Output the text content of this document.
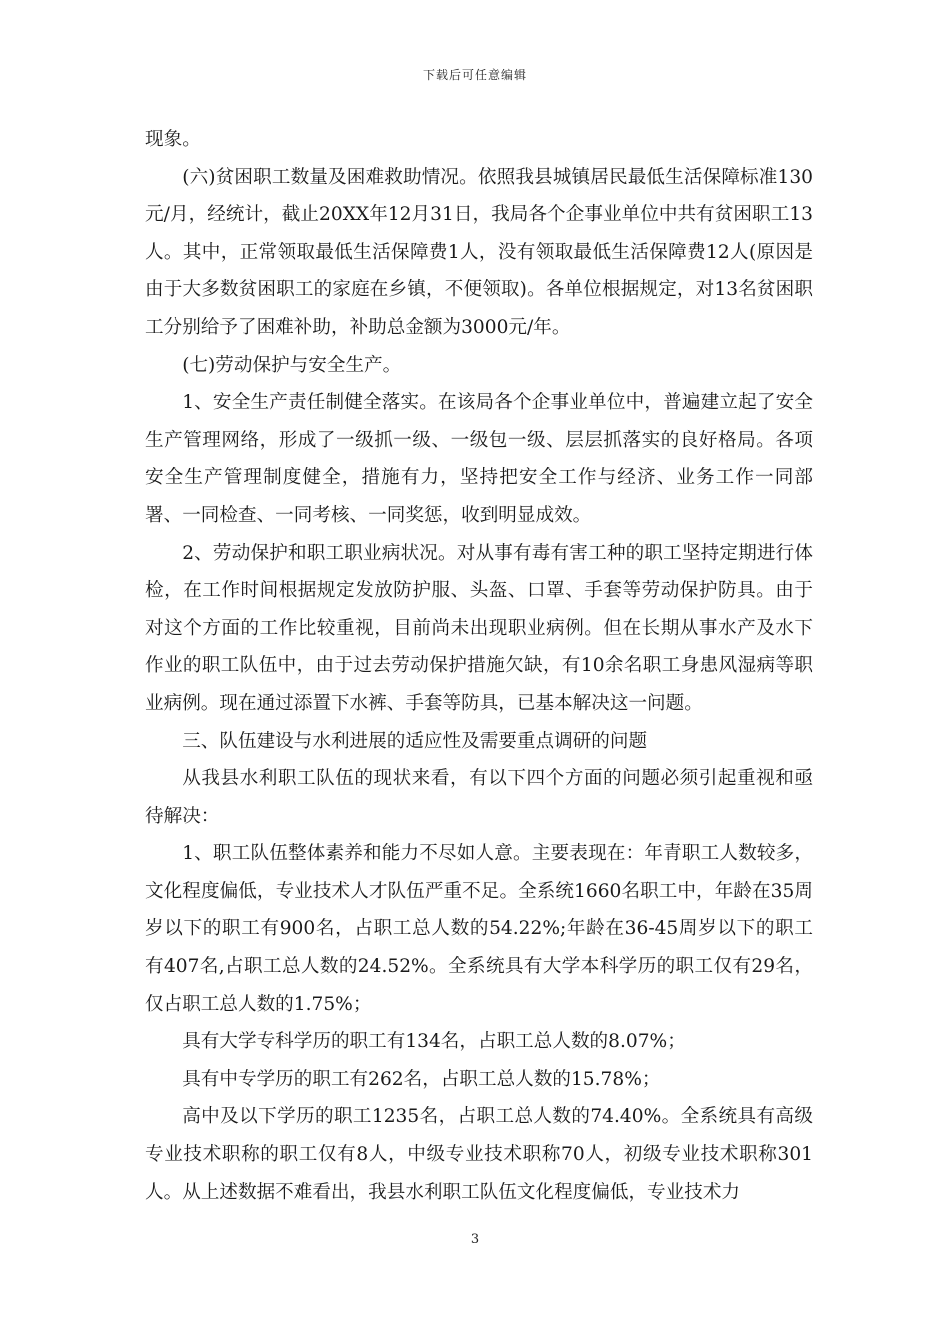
下载后可任意编辑

现象。

(六)贫困职工数量及困难救助情况。依照我县城镇居民最低生活保障标准130元/月，经统计，截止20XX年12月31日，我局各个企事业单位中共有贫困职工13人。其中，正常领取最低生活保障费1人，没有领取最低生活保障费12人(原因是由于大多数贫困职工的家庭在乡镇，不便领取)。各单位根据规定，对13名贫困职工分别给予了困难补助，补助总金额为3000元/年。

(七)劳动保护与安全生产。

1、安全生产责任制健全落实。在该局各个企事业单位中，普遍建立起了安全生产管理网络，形成了一级抓一级、一级包一级、层层抓落实的良好格局。各项安全生产管理制度健全，措施有力，坚持把安全工作与经济、业务工作一同部署、一同检查、一同考核、一同奖惩，收到明显成效。

2、劳动保护和职工职业病状况。对从事有毒有害工种的职工坚持定期进行体检，在工作时间根据规定发放防护服、头盔、口罩、手套等劳动保护防具。由于对这个方面的工作比较重视，目前尚未出现职业病例。但在长期从事水产及水下作业的职工队伍中，由于过去劳动保护措施欠缺，有10余名职工身患风湿病等职业病例。现在通过添置下水裤、手套等防具，已基本解决这一问题。

三、队伍建设与水利进展的适应性及需要重点调研的问题

从我县水利职工队伍的现状来看，有以下四个方面的问题必须引起重视和亟待解决：

1、职工队伍整体素养和能力不尽如人意。主要表现在：年青职工人数较多，文化程度偏低，专业技术人才队伍严重不足。全系统1660名职工中，年龄在35周岁以下的职工有900名，占职工总人数的54.22%;年龄在36-45周岁以下的职工有407名,占职工总人数的24.52%。全系统具有大学本科学历的职工仅有29名，仅占职工总人数的1.75%；

具有大学专科学历的职工有134名，占职工总人数的8.07%；

具有中专学历的职工有262名，占职工总人数的15.78%；

高中及以下学历的职工1235名，占职工总人数的74.40%。全系统具有高级专业技术职称的职工仅有8人，中级专业技术职称70人，初级专业技术职称301人。从上述数据不难看出，我县水利职工队伍文化程度偏低，专业技术力

3
